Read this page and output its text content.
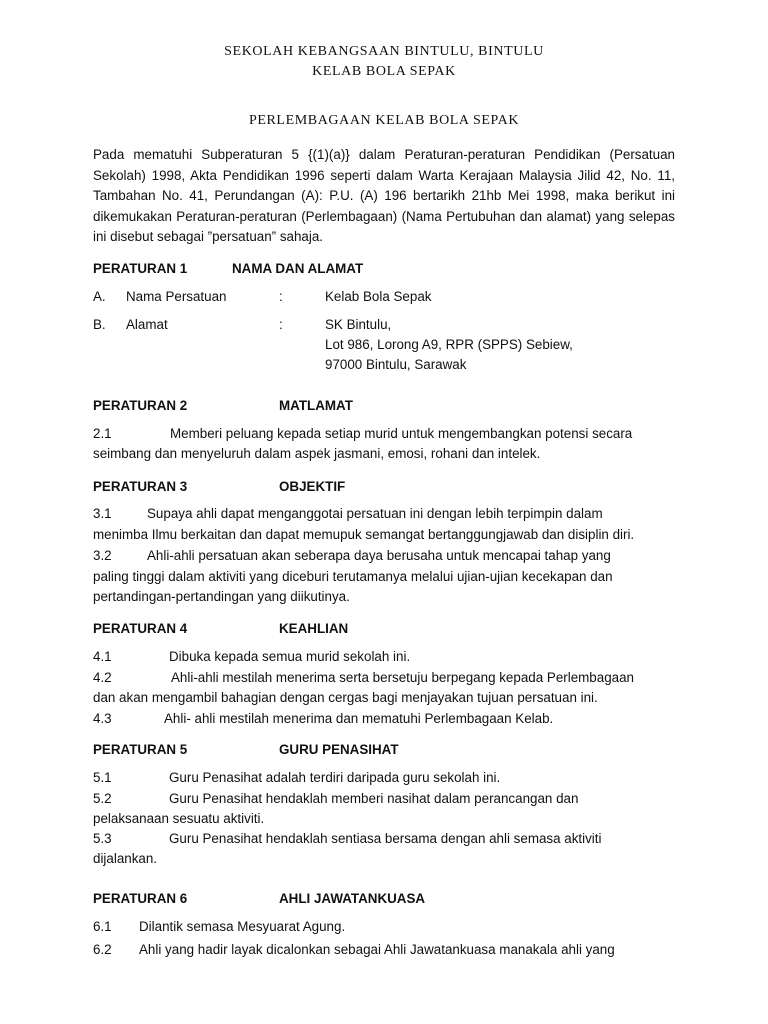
SEKOLAH KEBANGSAAN BINTULU, BINTULU
KELAB BOLA SEPAK
PERLEMBAGAAN KELAB BOLA SEPAK
Pada mematuhi Subperaturan 5 {(1)(a)} dalam Peraturan-peraturan Pendidikan (Persatuan Sekolah) 1998, Akta Pendidikan 1996 seperti dalam Warta Kerajaan Malaysia Jilid 42, No. 11, Tambahan No. 41, Perundangan (A): P.U. (A) 196 bertarikh 21hb Mei 1998, maka berikut ini dikemukakan Peraturan-peraturan (Perlembagaan) (Nama Pertubuhan dan alamat) yang selepas ini disebut sebagai ”persatuan” sahaja.
PERATURAN 1	NAMA DAN ALAMAT
A. Nama Persatuan	:	Kelab Bola Sepak
B. Alamat	:	SK Bintulu,
Lot 986, Lorong A9, RPR (SPPS) Sebiew,
97000 Bintulu, Sarawak
PERATURAN 2	MATLAMAT
2.1	Memberi peluang kepada setiap murid untuk mengembangkan potensi secara
seimbang dan menyeluruh dalam aspek jasmani, emosi, rohani dan intelek.
PERATURAN 3	OBJEKTIF
3.1	Supaya ahli dapat menganggotai persatuan ini dengan lebih terpimpin dalam
menimba Ilmu berkaitan dan dapat memupuk semangat bertanggungjawab dan disiplin diri.
3.2	Ahli-ahli persatuan akan seberapa daya berusaha untuk mencapai tahap yang
paling tinggi dalam aktiviti yang diceburi terutamanya melalui ujian-ujian kecekapan dan
pertandingan-pertandingan yang diikutinya.
PERATURAN 4	KEAHLIAN
4.1	Dibuka kepada semua murid sekolah ini.
4.2	Ahli-ahli mestilah menerima serta bersetuju berpegang kepada Perlembagaan
dan akan mengambil bahagian dengan cergas bagi menjayakan tujuan persatuan ini.
4.3	Ahli- ahli mestilah menerima dan mematuhi Perlembagaan Kelab.
PERATURAN 5	GURU PENASIHAT
5.1	Guru Penasihat adalah terdiri daripada guru sekolah ini.
5.2	Guru Penasihat hendaklah memberi nasihat dalam perancangan dan
pelaksanaan sesuatu aktiviti.
5.3	Guru Penasihat hendaklah sentiasa bersama dengan ahli semasa aktiviti
dijalankan.
PERATURAN 6	AHLI JAWATANKUASA
6.1 Dilantik semasa Mesyuarat Agung.
6.2 Ahli yang hadir layak dicalonkan sebagai Ahli Jawatankuasa manakala ahli yang
